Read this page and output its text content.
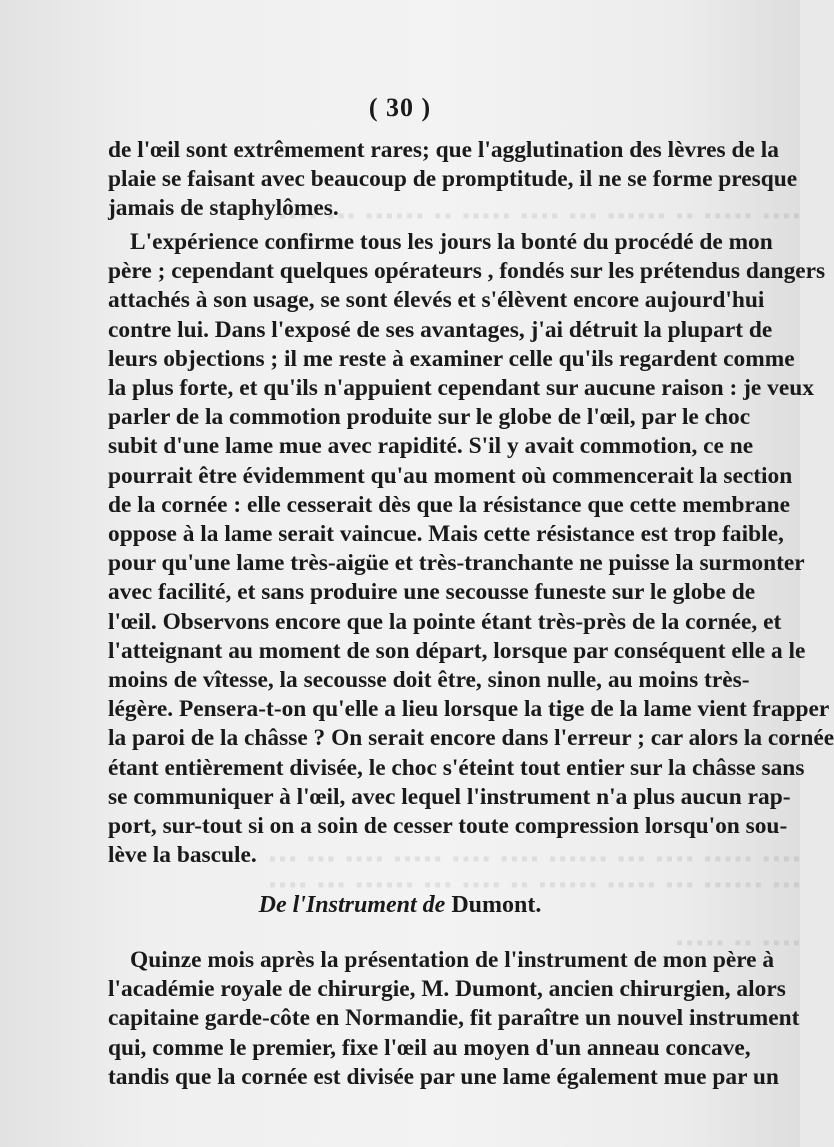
▪▪▪▪ ▪▪▪▪▪ ▪▪ ▪▪▪▪▪▪ ▪▪▪ ▪▪▪▪ ▪▪▪▪▪ ▪▪ ▪▪▪▪▪▪ ▪▪▪ ▪▪▪▪
▪▪▪▪ ▪▪▪▪▪ ▪▪▪▪ ▪▪▪ ▪▪▪▪▪▪ ▪▪▪▪ ▪▪▪▪ ▪▪▪▪▪ ▪▪▪▪ ▪▪▪ ▪▪▪
▪▪▪ ▪▪▪▪▪▪ ▪▪▪ ▪▪▪▪▪ ▪▪▪▪▪▪ ▪▪ ▪▪▪▪ ▪▪▪ ▪▪▪▪▪▪ ▪▪▪ ▪▪▪▪
▪▪▪▪ ▪▪ ▪▪▪▪▪
( 30 )
de l'œil sont extrêmement rares; que l'agglutination des lèvres de la
plaie se faisant avec beaucoup de promptitude, il ne se forme presque
jamais de staphylômes.
L'expérience confirme tous les jours la bonté du procédé de mon
père ; cependant quelques opérateurs , fondés sur les prétendus dangers
attachés à son usage, se sont élevés et s'élèvent encore aujourd'hui
contre lui. Dans l'exposé de ses avantages, j'ai détruit la plupart de
leurs objections ; il me reste à examiner celle qu'ils regardent comme
la plus forte, et qu'ils n'appuient cependant sur aucune raison : je veux
parler de la commotion produite sur le globe de l'œil, par le choc
subit d'une lame mue avec rapidité. S'il y avait commotion, ce ne
pourrait être évidemment qu'au moment où commencerait la section
de la cornée : elle cesserait dès que la résistance que cette membrane
oppose à la lame serait vaincue. Mais cette résistance est trop faible,
pour qu'une lame très-aigüe et très-tranchante ne puisse la surmonter
avec facilité, et sans produire une secousse funeste sur le globe de
l'œil. Observons encore que la pointe étant très-près de la cornée, et
l'atteignant au moment de son départ, lorsque par conséquent elle a le
moins de vîtesse, la secousse doit être, sinon nulle, au moins très-
légère. Pensera-t-on qu'elle a lieu lorsque la tige de la lame vient frapper
la paroi de la châsse ? On serait encore dans l'erreur ; car alors la cornée
étant entièrement divisée, le choc s'éteint tout entier sur la châsse sans
se communiquer à l'œil, avec lequel l'instrument n'a plus aucun rap-
port, sur-tout si on a soin de cesser toute compression lorsqu'on sou-
lève la bascule.
De l'Instrument de Dumont.
Quinze mois après la présentation de l'instrument de mon père à
l'académie royale de chirurgie, M. Dumont, ancien chirurgien, alors
capitaine garde-côte en Normandie, fit paraître un nouvel instrument
qui, comme le premier, fixe l'œil au moyen d'un anneau concave,
tandis que la cornée est divisée par une lame également mue par un
